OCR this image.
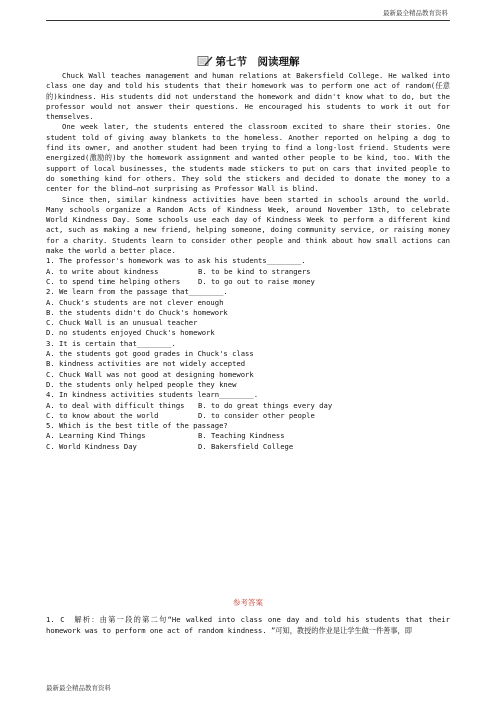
最新最全精品教育资料
第七节　阅读理解

Chuck Wall teaches management and human relations at Bakersfield College. He walked into class one day and told his students that their homework was to perform one act of random(任意的)kindness. His students did not understand the homework and didn't know what to do, but the professor would not answer their questions. He encouraged his students to work it out for themselves.

One week later, the students entered the classroom excited to share their stories. One student told of giving away blankets to the homeless. Another reported on helping a dog to find its owner, and another student had been trying to find a long-lost friend. Students were energized(激励的)by the homework assignment and wanted other people to be kind, too. With the support of local businesses, the students made stickers to put on cars that invited people to do something kind for others. They sold the stickers and decided to donate the money to a center for the blind—not surprising as Professor Wall is blind.

Since then, similar kindness activities have been started in schools around the world. Many schools organize a Random Acts of Kindness Week, around November 13th, to celebrate World Kindness Day. Some schools use each day of Kindness Week to perform a different kind act, such as making a new friend, helping someone, doing community service, or raising money for a charity. Students learn to consider other people and think about how small actions can make the world a better place.

1. The professor's homework was to ask his students________.
A. to write about kindness	B. to be kind to strangers
C. to spend time helping others	D. to go out to raise money
2. We learn from the passage that________.
A. Chuck's students are not clever enough
B. the students didn't do Chuck's homework
C. Chuck Wall is an unusual teacher
D. no students enjoyed Chuck's homework
3. It is certain that________.
A. the students got good grades in Chuck's class
B. kindness activities are not widely accepted
C. Chuck Wall was not good at designing homework
D. the students only helped people they knew
4. In kindness activities students learn________.
A. to deal with difficult things	B. to do great things every day
C. to know about the world	D. to consider other people
5. Which is the best title of the passage?
A. Learning Kind Things	B. Teaching Kindness
C. World Kindness Day	D. Bakersfield College
参考答案
1. C　解析：由第一段的第二句“He walked into class one day and told his students that their homework was to perform one act of random kindness. ”可知，教授的作业是让学生做一件善事，即
最新最全精品教育资料
